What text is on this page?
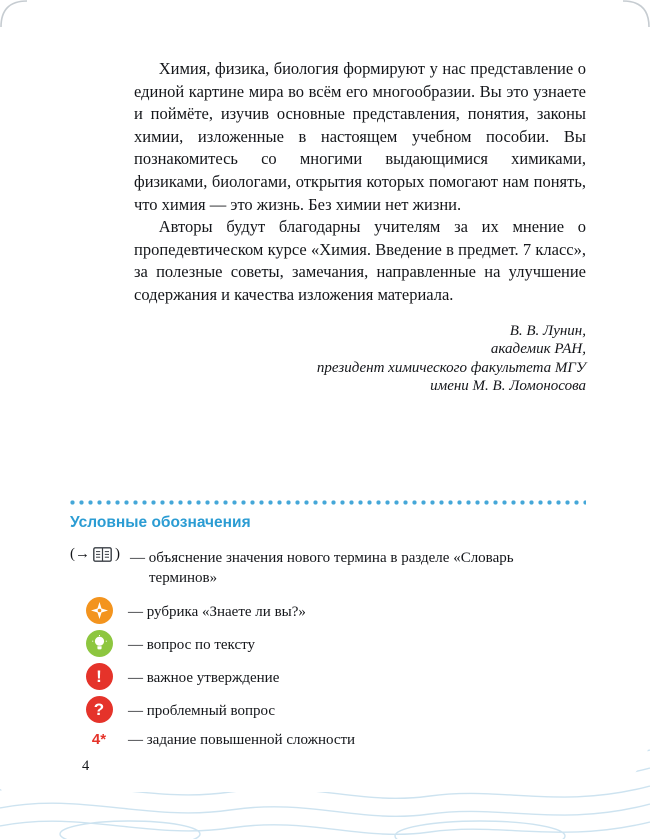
Химия, физика, биология формируют у нас представление о единой картине мира во всём его многообразии. Вы это узнаете и поймёте, изучив основные представления, понятия, законы химии, изложенные в настоящем учебном пособии. Вы познакомитесь со многими выдающимися химиками, физиками, биологами, открытия которых помогают нам понять, что химия — это жизнь. Без химии нет жизни.

Авторы будут благодарны учителям за их мнение о пропедевтическом курсе «Химия. Введение в предмет. 7 класс», за полезные советы, замечания, направленные на улучшение содержания и качества изложения материала.

В. В. Лунин,
академик РАН,
президент химического факультета МГУ
имени М. В. Ломоносова
Условные обозначения
(→ ) — объяснение значения нового термина в разделе «Словарь терминов»
— рубрика «Знаете ли вы?»
— вопрос по тексту
!	— важное утверждение
?	— проблемный вопрос
4* — задание повышенной сложности
4
